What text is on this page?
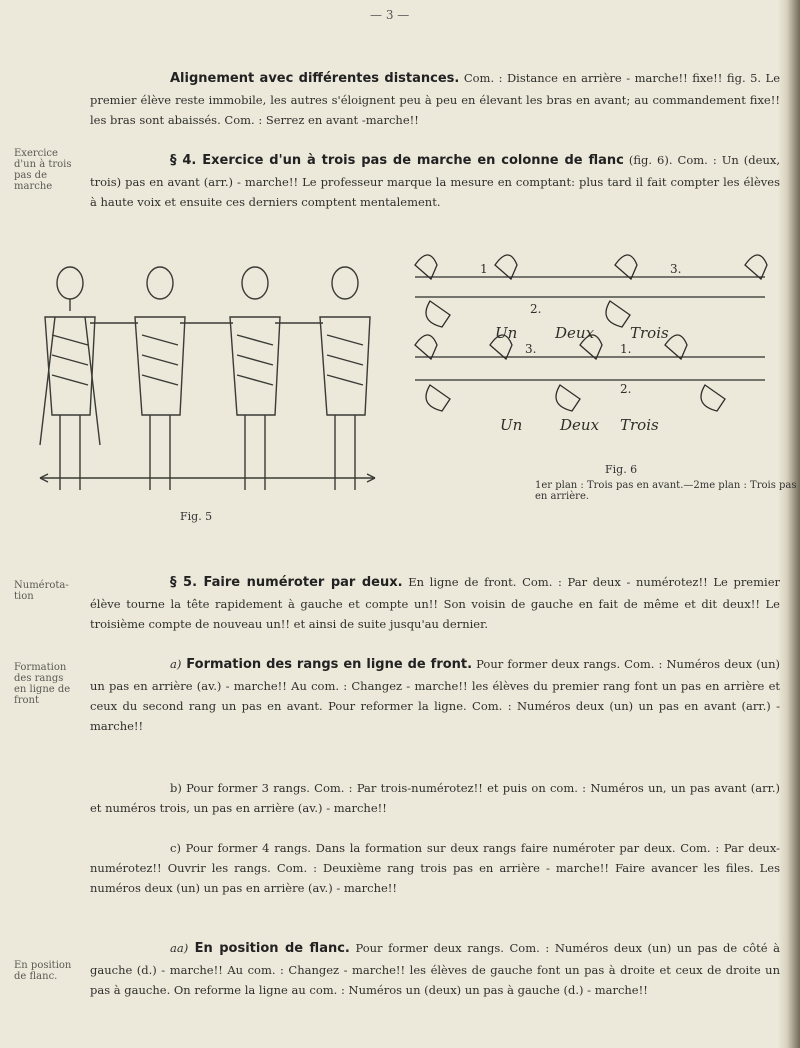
— 3 —
Exercice d'un à trois pas de marche
Numérota- tion
Formation des rangs en ligne de front
En position de flanc.
Alignement avec différentes distances. Com. : Distance en arrière - marche!! fixe!! fig. 5. Le premier élève reste immobile, les autres s'éloignent peu à peu en élevant les bras en avant; au commandement fixe!! les bras sont abaissés. Com. : Serrez en avant -marche!!
§ 4. Exercice d'un à trois pas de marche en colonne de flanc (fig. 6). Com. : Un (deux, trois) pas en avant (arr.) - marche!! Le professeur marque la mesure en comptant: plus tard il fait compter les élèves à haute voix et ensuite ces derniers comptent mentalement.
Fig. 5
1	3.
2.
3.	1.
2.
Un	Deux Trois
Un	Deux Trois
Fig. 6
1er plan : Trois pas en avant.—2me plan : Trois pas en arrière.
§ 5. Faire numéroter par deux. En ligne de front. Com. : Par deux - numérotez!! Le premier élève tourne la tête rapidement à gauche et compte un!! Son voisin de gauche en fait de même et dit deux!! Le troisième compte de nouveau un!! et ainsi de suite jusqu'au dernier.
a) Formation des rangs en ligne de front. Pour former deux rangs. Com. : Numéros deux (un) un pas en arrière (av.) - marche!! Au com. : Changez - marche!! les élèves du premier rang font un pas en arrière et ceux du second rang un pas en avant. Pour reformer la ligne. Com. : Numéros deux (un) un pas en avant (arr.) - marche!!
b) Pour former 3 rangs. Com. : Par trois-numérotez!! et puis on com. : Numéros un, un pas avant (arr.) et numéros trois, un pas en arrière (av.) - marche!!
c) Pour former 4 rangs. Dans la formation sur deux rangs faire numéroter par deux. Com. : Par deux-numérotez!! Ouvrir les rangs. Com. : Deuxième rang trois pas en arrière - marche!! Faire avancer les files. Les numéros deux (un) un pas en arrière (av.) - marche!!
aa) En position de flanc. Pour former deux rangs. Com. : Numéros deux (un) un pas de côté à gauche (d.) - marche!! Au com. : Changez - marche!! les élèves de gauche font un pas à droite et ceux de droite un pas à gauche. On reforme la ligne au com. : Numéros un (deux) un pas à gauche (d.) - marche!!
